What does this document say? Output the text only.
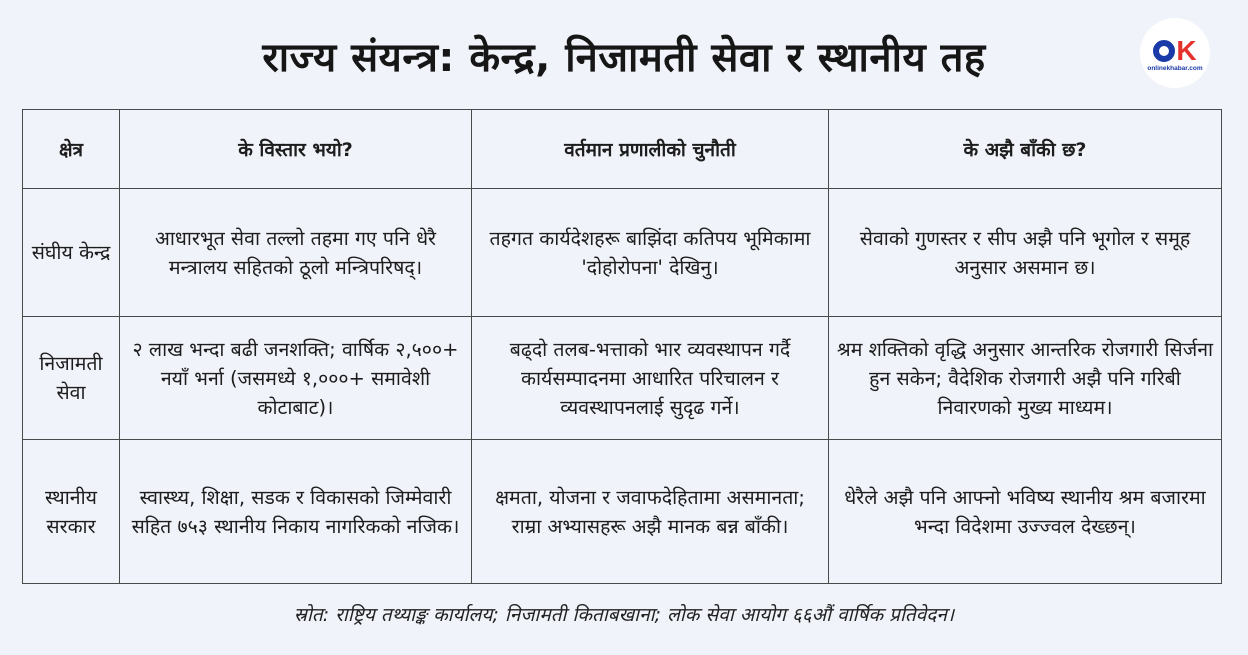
राज्य संयन्त्र: केन्द्र, निजामती सेवा र स्थानीय तह	K
onlinekhabar.com
क्षेत्र	के विस्तार भयो?	वर्तमान प्रणालीको चुनौती	के अझै बाँकी छ?
संघीय केन्द्र	आधारभूत सेवा तल्लो तहमा गए पनि धेरै मन्त्रालय सहितको ठूलो मन्त्रिपरिषद्।	तहगत कार्यदेशहरू बाझिंदा कतिपय भूमिकामा 'दोहोरोपना' देखिनु।	सेवाको गुणस्तर र सीप अझै पनि भूगोल र समूह अनुसार असमान छ।
निजामती सेवा	२ लाख भन्दा बढी जनशक्ति; वार्षिक २,५००+ नयाँ भर्ना (जसमध्ये १,०००+ समावेशी कोटाबाट)।	बढ्दो तलब-भत्ताको भार व्यवस्थापन गर्दै कार्यसम्पादनमा आधारित परिचालन र व्यवस्थापनलाई सुदृढ गर्ने।	श्रम शक्तिको वृद्धि अनुसार आन्तरिक रोजगारी सिर्जना हुन सकेन; वैदेशिक रोजगारी अझै पनि गरिबी निवारणको मुख्य माध्यम।
स्थानीय सरकार	स्वास्थ्य, शिक्षा, सडक र विकासको जिम्मेवारी सहित ७५३ स्थानीय निकाय नागरिकको नजिक।	क्षमता, योजना र जवाफदेहितामा असमानता; राम्रा अभ्यासहरू अझै मानक बन्न बाँकी।	धेरैले अझै पनि आफ्नो भविष्य स्थानीय श्रम बजारमा भन्दा विदेशमा उज्ज्वल देख्छन्।
स्रोत: राष्ट्रिय तथ्याङ्क कार्यालय; निजामती किताबखाना; लोक सेवा आयोग ६६औं वार्षिक प्रतिवेदन।
